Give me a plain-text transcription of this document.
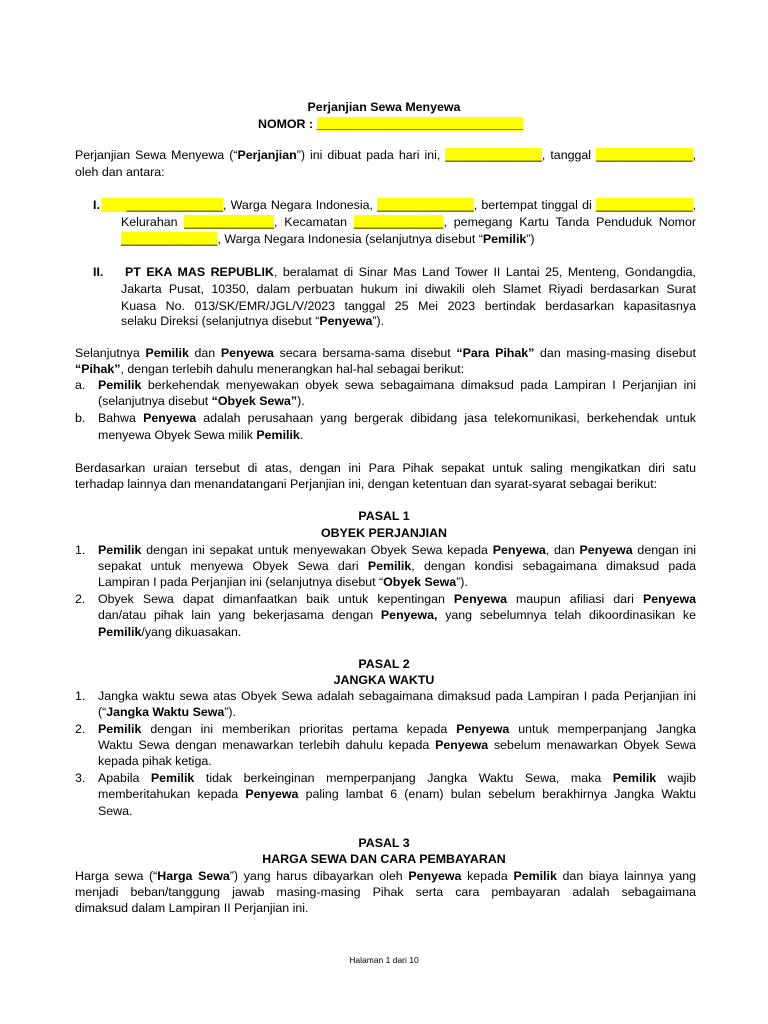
Perjanjian Sewa Menyewa
NOMOR : ______________________________
Perjanjian Sewa Menyewa (“Perjanjian”) ini dibuat pada hari ini, ______________, tanggal ______________,
oleh dan antara:
I.	______________, Warga Negara Indonesia, ______________, bertempat tinggal di ______________,
Kelurahan _____________, Kecamatan _____________, pemegang Kartu Tanda Penduduk Nomor
______________, Warga Negara Indonesia (selanjutnya disebut “Pemilik”)
II. PT EKA MAS REPUBLIK, beralamat di Sinar Mas Land Tower II Lantai 25, Menteng, Gondangdia,
Jakarta Pusat, 10350, dalam perbuatan hukum ini diwakili oleh Slamet Riyadi berdasarkan Surat
Kuasa No. 013/SK/EMR/JGL/V/2023 tanggal 25 Mei 2023 bertindak berdasarkan kapasitasnya
selaku Direksi (selanjutnya disebut “Penyewa”).
Selanjutnya Pemilik dan Penyewa secara bersama-sama disebut “Para Pihak” dan masing-masing disebut
“Pihak”, dengan terlebih dahulu menerangkan hal-hal sebagai berikut:
a. Pemilik berkehendak menyewakan obyek sewa sebagaimana dimaksud pada Lampiran I Perjanjian ini
(selanjutnya disebut “Obyek Sewa”).
b. Bahwa Penyewa adalah perusahaan yang bergerak dibidang jasa telekomunikasi, berkehendak untuk
menyewa Obyek Sewa milik Pemilik.
Berdasarkan uraian tersebut di atas, dengan ini Para Pihak sepakat untuk saling mengikatkan diri satu
terhadap lainnya dan menandatangani Perjanjian ini, dengan ketentuan dan syarat-syarat sebagai berikut:
PASAL 1
OBYEK PERJANJIAN
1. Pemilik dengan ini sepakat untuk menyewakan Obyek Sewa kepada Penyewa, dan Penyewa dengan ini
sepakat untuk menyewa Obyek Sewa dari Pemilik, dengan kondisi sebagaimana dimaksud pada
Lampiran I pada Perjanjian ini (selanjutnya disebut “Obyek Sewa”).
2. Obyek Sewa dapat dimanfaatkan baik untuk kepentingan Penyewa maupun afiliasi dari Penyewa
dan/atau pihak lain yang bekerjasama dengan Penyewa, yang sebelumnya telah dikoordinasikan ke
Pemilik/yang dikuasakan.
PASAL 2
JANGKA WAKTU
1. Jangka waktu sewa atas Obyek Sewa adalah sebagaimana dimaksud pada Lampiran I pada Perjanjian ini
(“Jangka Waktu Sewa”).
2. Pemilik dengan ini memberikan prioritas pertama kepada Penyewa untuk memperpanjang Jangka
Waktu Sewa dengan menawarkan terlebih dahulu kepada Penyewa sebelum menawarkan Obyek Sewa
kepada pihak ketiga.
3. Apabila Pemilik tidak berkeinginan memperpanjang Jangka Waktu Sewa, maka Pemilik wajib
memberitahukan kepada Penyewa paling lambat 6 (enam) bulan sebelum berakhirnya Jangka Waktu
Sewa.
PASAL 3
HARGA SEWA DAN CARA PEMBAYARAN
Harga sewa (“Harga Sewa”) yang harus dibayarkan oleh Penyewa kepada Pemilik dan biaya lainnya yang
menjadi beban/tanggung jawab masing-masing Pihak serta cara pembayaran adalah sebagaimana
dimaksud dalam Lampiran II Perjanjian ini.
Halaman 1 dari 10
